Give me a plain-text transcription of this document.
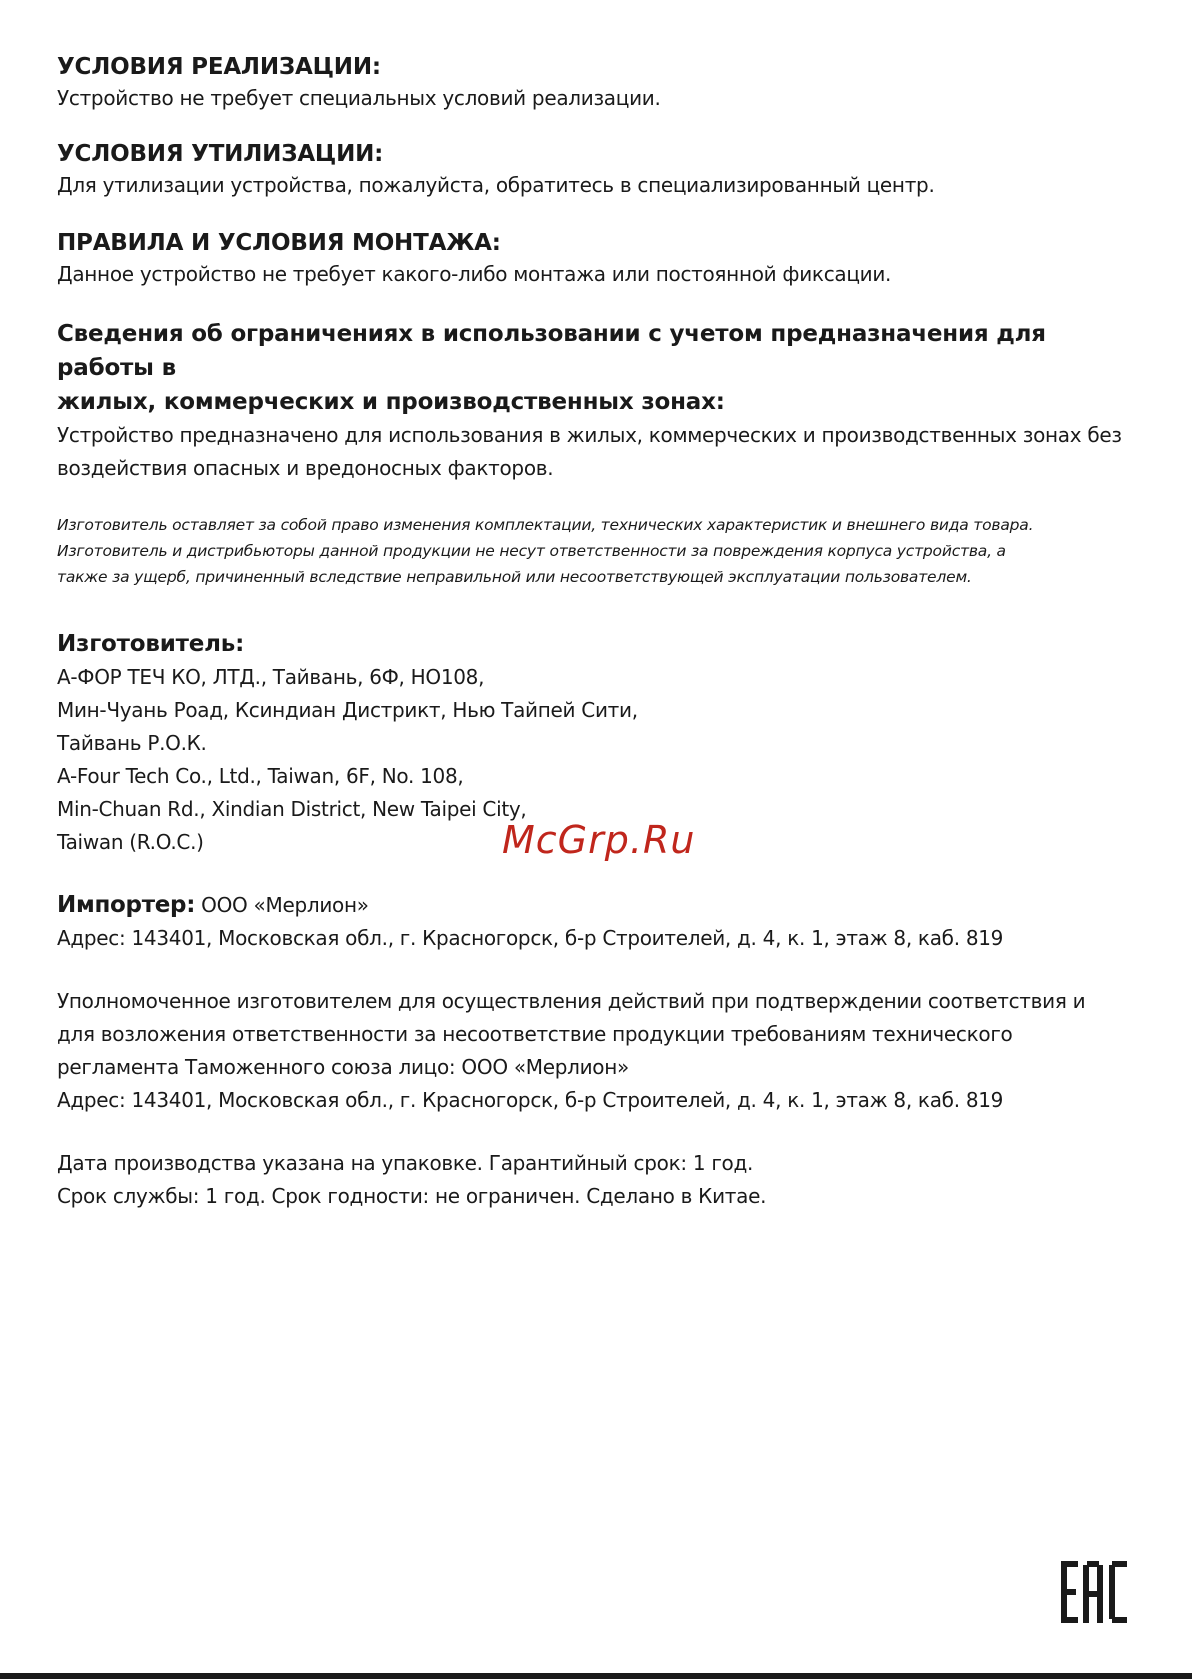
УСЛОВИЯ РЕАЛИЗАЦИИ:

Устройство не требует специальных условий реализации.

УСЛОВИЯ УТИЛИЗАЦИИ:

Для утилизации устройства, пожалуйста, обратитесь в специализированный центр.

ПРАВИЛА И УСЛОВИЯ МОНТАЖА:

Данное устройство не требует какого-либо монтажа или постоянной фиксации.

Сведения об ограничениях в использовании с учетом предназначения для работы в

жилых, коммерческих и производственных зонах:

Устройство предназначено для использования в жилых, коммерческих и производственных зонах без

воздействия опасных и вредоносных факторов.

Изготовитель оставляет за собой право изменения комплектации, технических характеристик и внешнего вида товара.

Изготовитель и дистрибьюторы данной продукции не несут ответственности за повреждения корпуса устройства, а

также за ущерб, причиненный вследствие неправильной или несоответствующей эксплуатации пользователем.

Изготовитель:

А-ФОР ТЕЧ КО, ЛТД., Тайвань, 6Ф, НО108,
Мин-Чуань Роад, Ксиндиан Дистрикт, Нью Тайпей Сити,
Тайвань Р.О.К.
A-Four Tech Co., Ltd., Taiwan, 6F, No. 108,
Min-Chuan Rd., Xindian District, New Taipei City,
Taiwan (R.O.C.)

Импортер: ООО «Мерлион»

Адрес: 143401, Московская обл., г. Красногорск, б-р Строителей, д. 4, к. 1, этаж 8, каб. 819

Уполномоченное изготовителем для осуществления действий при подтверждении соответствия и

для возложения ответственности за несоответствие продукции требованиям технического

регламента Таможенного союза лицо: ООО «Мерлион»

Адрес: 143401, Московская обл., г. Красногорск, б-р Строителей, д. 4, к. 1, этаж 8, каб. 819

Дата производства указана на упаковке. Гарантийный срок: 1 год.

Срок службы: 1 год. Срок годности: не ограничен. Сделано в Китае.

McGrp.Ru
